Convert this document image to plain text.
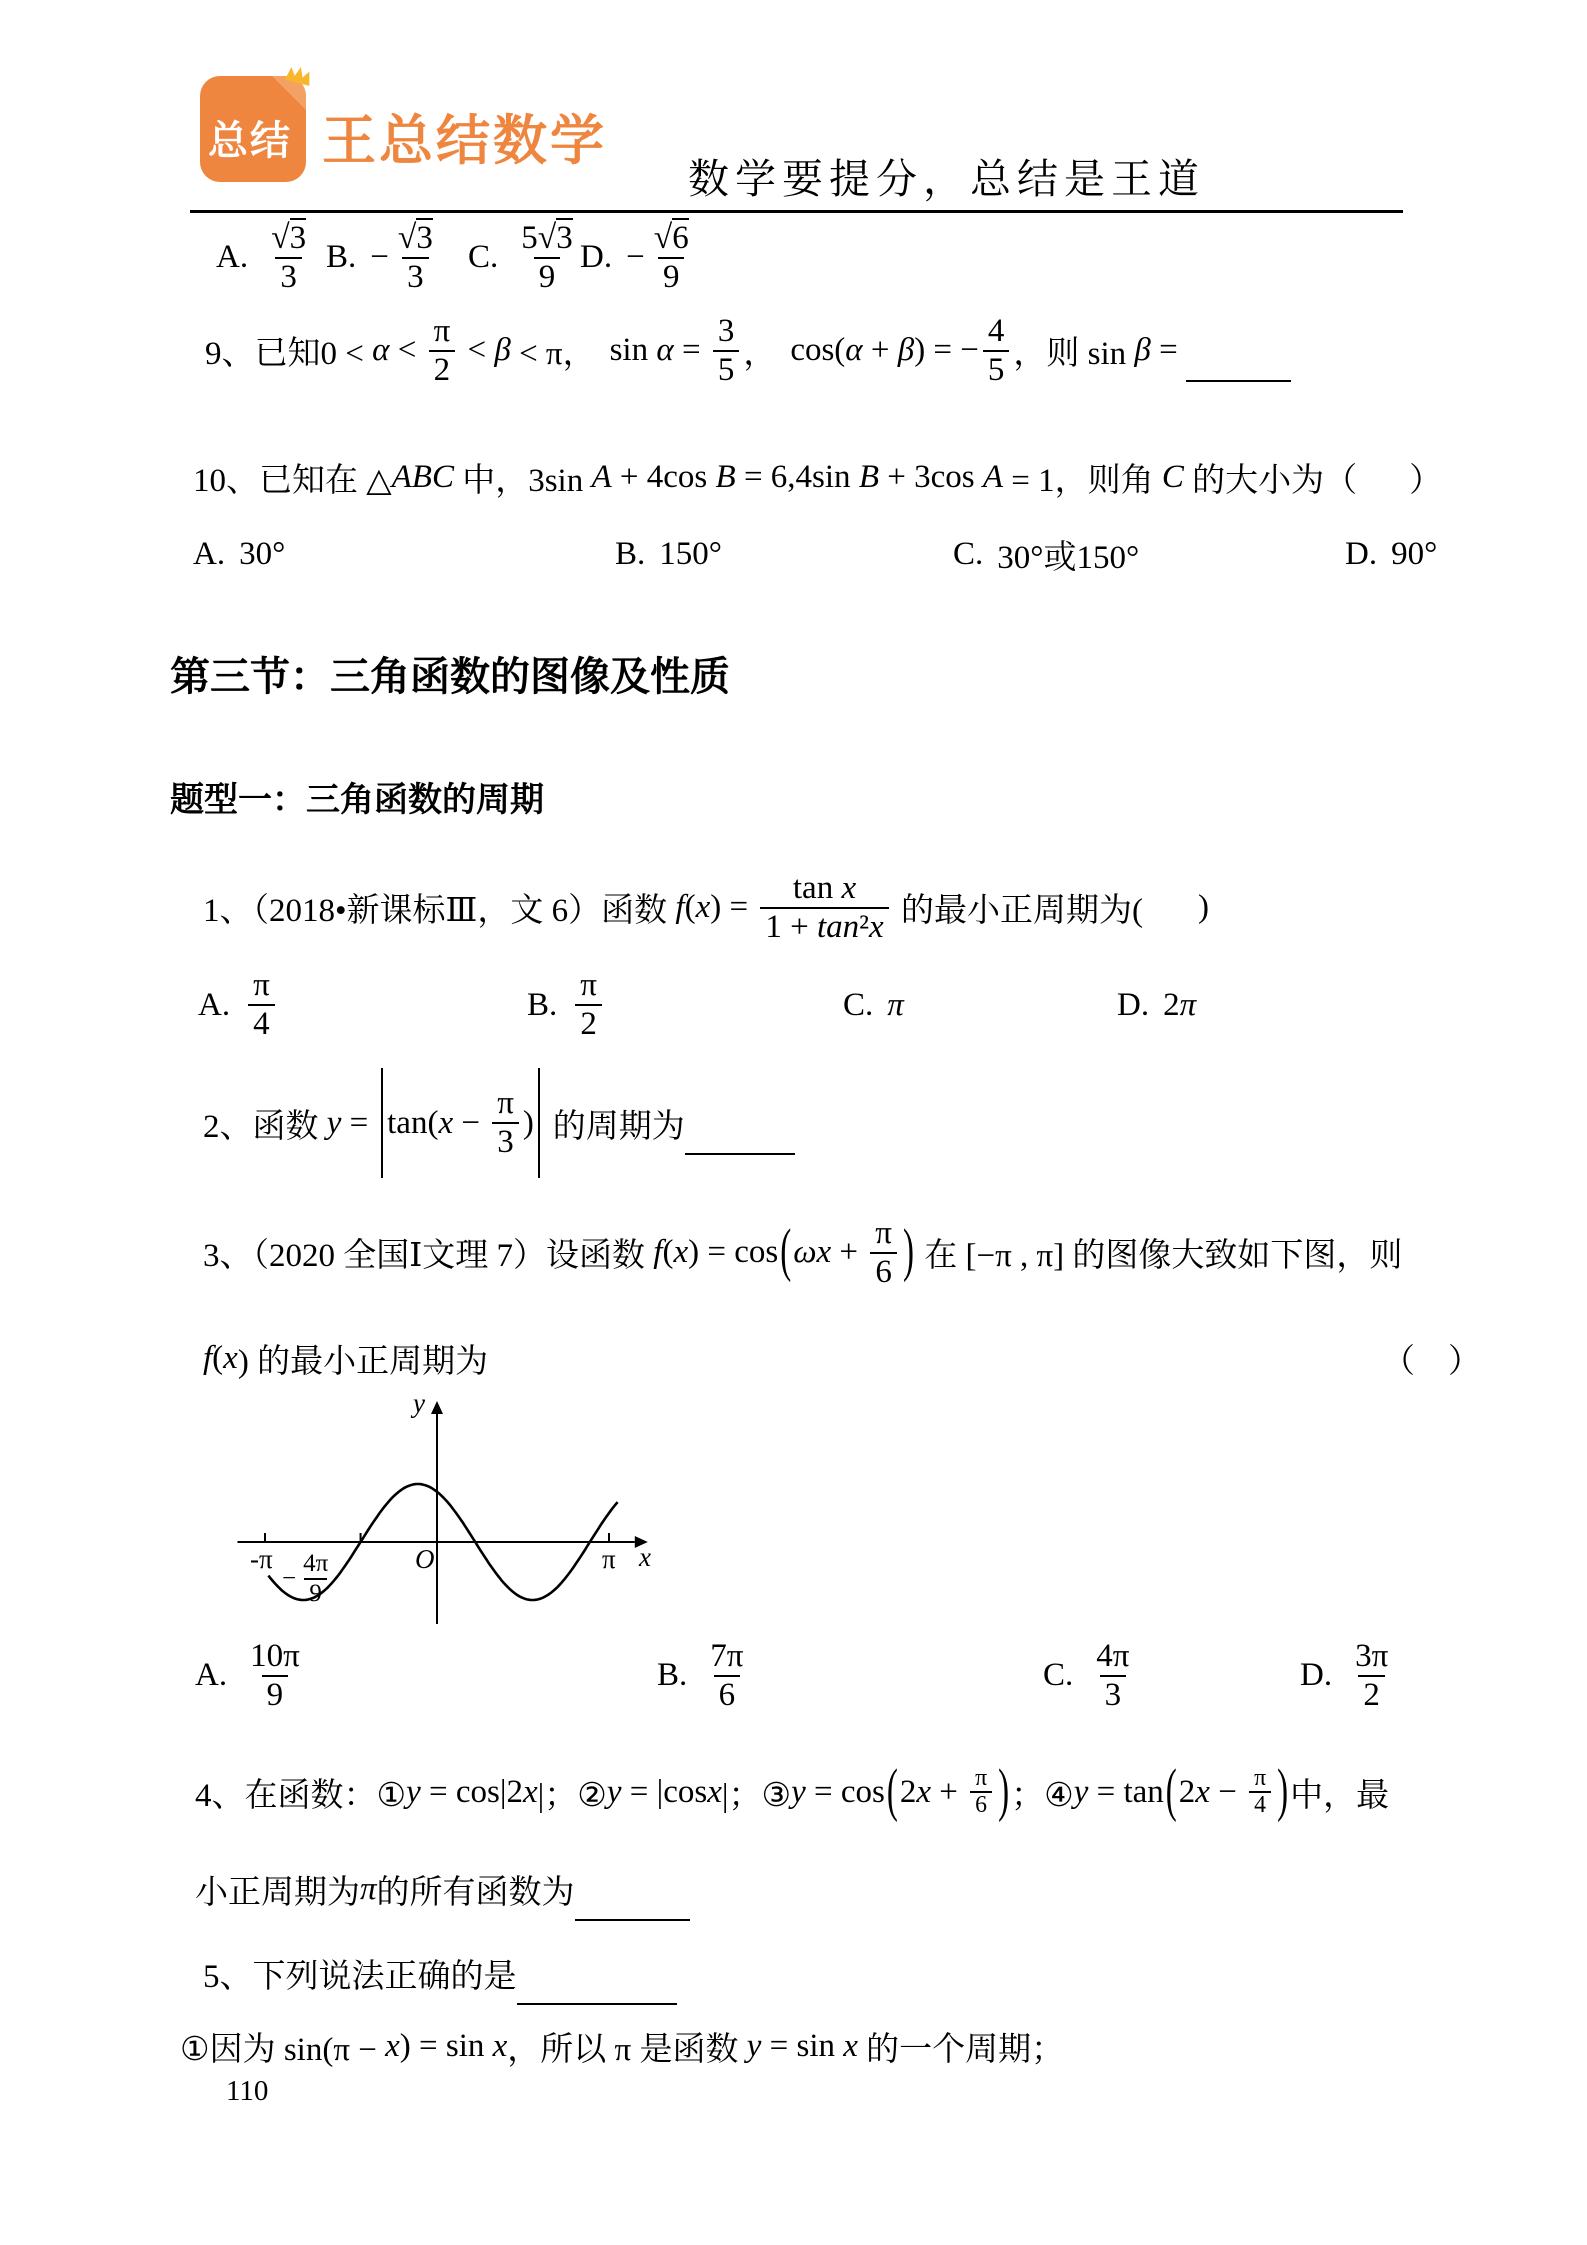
总结 王总结数学
数学要提分，总结是王道
A. $\frac{√3}{3} B$. − $\frac{√3}{3} C$. $\frac{5√3}{9} D$. − $\frac{√6}{9}$
9、已知$0 < \alpha < \frac{\pi}{2} < \beta < \pi$， $\sin \alpha = \frac{3}{5}$ ， cos( α + β ) = − $\frac{4}{5}$ ，则 sin β =
10、已知在 △ ABC 中，3sin A + 4cos B = 6,4sin B + 3cos A = 1，则角 C 的大小为（ ）
A. 30°	B. 150°	C. 30°或150°	D. 90°
第三节：三角函数的图像及性质
题型一：三角函数的周期
1、（2018•新课标Ⅲ，文 6）函数 f ( x ) = $\frac{\text{tan x}}{\text{1 + tan²x}}$ 的最小正周期为( )
A. $\frac{\pi}{4}$	B. $\frac{\pi}{2}$	C. π	D. 2 π
2、函数 y = tan( $x - \frac{\pi}{3}$ ) 的周期为
3、（2020 全国Ⅰ文理 7）设函数 f ( x ) = cos ( $\omega x + \frac{\pi}{6}$ ) 在 [−π , π] 的图像大致如下图，则
f ( x ) 的最小正周期为	（　）
y
x
O
-π	π
− $\frac{4\pi}{9}$
A. $\frac{10\pi}{9}$	B. $\frac{7\pi}{6}$	C. $\frac{4\pi}{3}$	D. $\frac{3\pi}{2}$
4、在函数：① y = cos|2 x |；② y = |cos x |；③ y = cos ( 2 $x + \frac{\pi}{6}$ ) ；④ y = tan ( 2 $x - \frac{\pi}{4}$ ) 中，最
小正周期为 π 的所有函数为
5、下列说法正确的是
①因为 sin(π − x ) = sin x ，所以 π 是函数 y = sin x 的一个周期；
110
